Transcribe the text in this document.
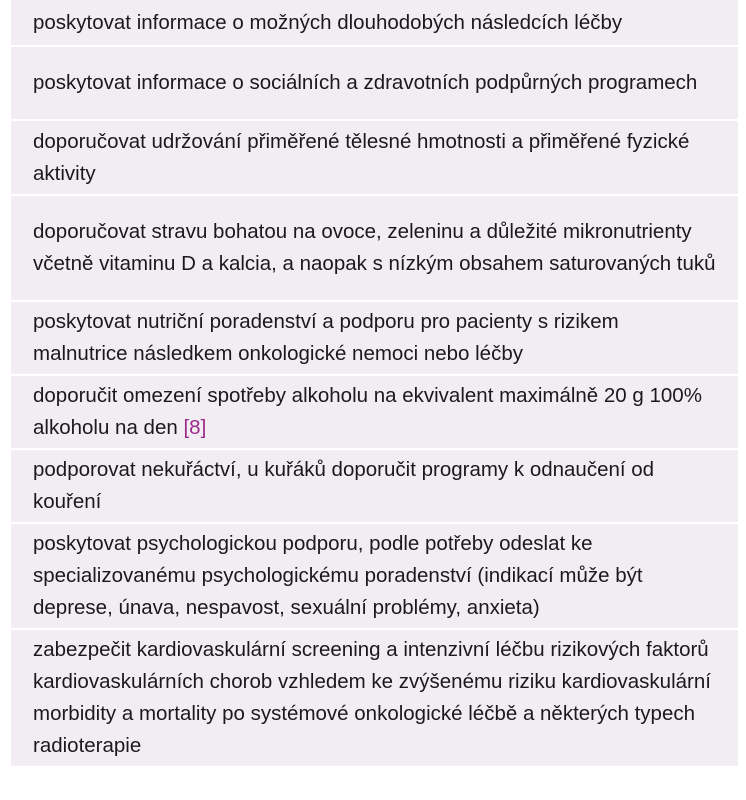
poskytovat informace o možných dlouhodobých následcích léčby
poskytovat informace o sociálních a zdravotních podpůrných programech
doporučovat udržování přiměřené tělesné hmotnosti a přiměřené fyzické aktivity
doporučovat stravu bohatou na ovoce, zeleninu a důležité mikronutrienty včetně vitaminu D a kalcia, a naopak s nízkým obsahem saturovaných tuků
poskytovat nutriční poradenství a podporu pro pacienty s rizikem malnutrice následkem onkologické nemoci nebo léčby
doporučit omezení spotřeby alkoholu na ekvivalent maximálně 20 g 100% alkoholu na den [8]
podporovat nekuřáctví, u kuřáků doporučit programy k odnaučení od kouření
poskytovat psychologickou podporu, podle potřeby odeslat ke specializovanému psychologickému poradenství (indikací může být deprese, únava, nespavost, sexuální problémy, anxieta)
zabezpečit kardiovaskulární screening a intenzivní léčbu rizikových faktorů kardiovaskulárních chorob vzhledem ke zvýšenému riziku kardiovaskulární morbidity a mortality po systémové onkologické léčbě a některých typech radioterapie
